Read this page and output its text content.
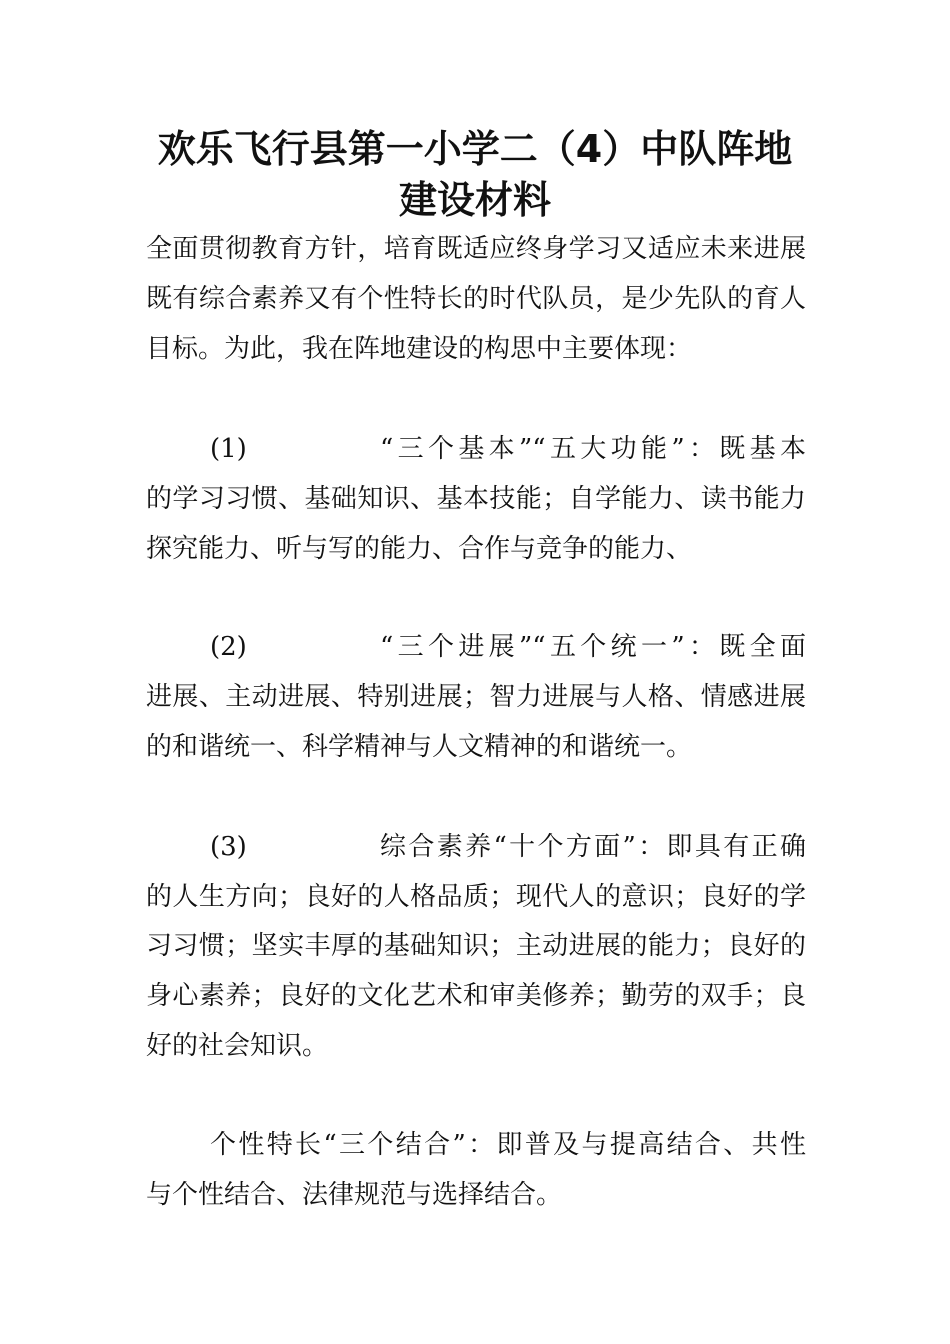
欢乐飞行县第一小学二（4）中队阵地
建设材料
全面贯彻教育方针，培育既适应终身学习又适应未来进展
既有综合素养又有个性特长的时代队员，是少先队的育人
目标。为此，我在阵地建设的构思中主要体现：
(1)	“三个基本”“五大功能”：既基本
的学习习惯、基础知识、基本技能；自学能力、读书能力
探究能力、听与写的能力、合作与竞争的能力、
(2)	“三个进展”“五个统一”：既全面
进展、主动进展、特别进展；智力进展与人格、情感进展
的和谐统一、科学精神与人文精神的和谐统一。
(3)	综合素养“十个方面”：即具有正确
的人生方向；良好的人格品质；现代人的意识；良好的学
习习惯；坚实丰厚的基础知识；主动进展的能力；良好的
身心素养；良好的文化艺术和审美修养；勤劳的双手；良
好的社会知识。
个性特长“三个结合”：即普及与提高结合、共性
与个性结合、法律规范与选择结合。
